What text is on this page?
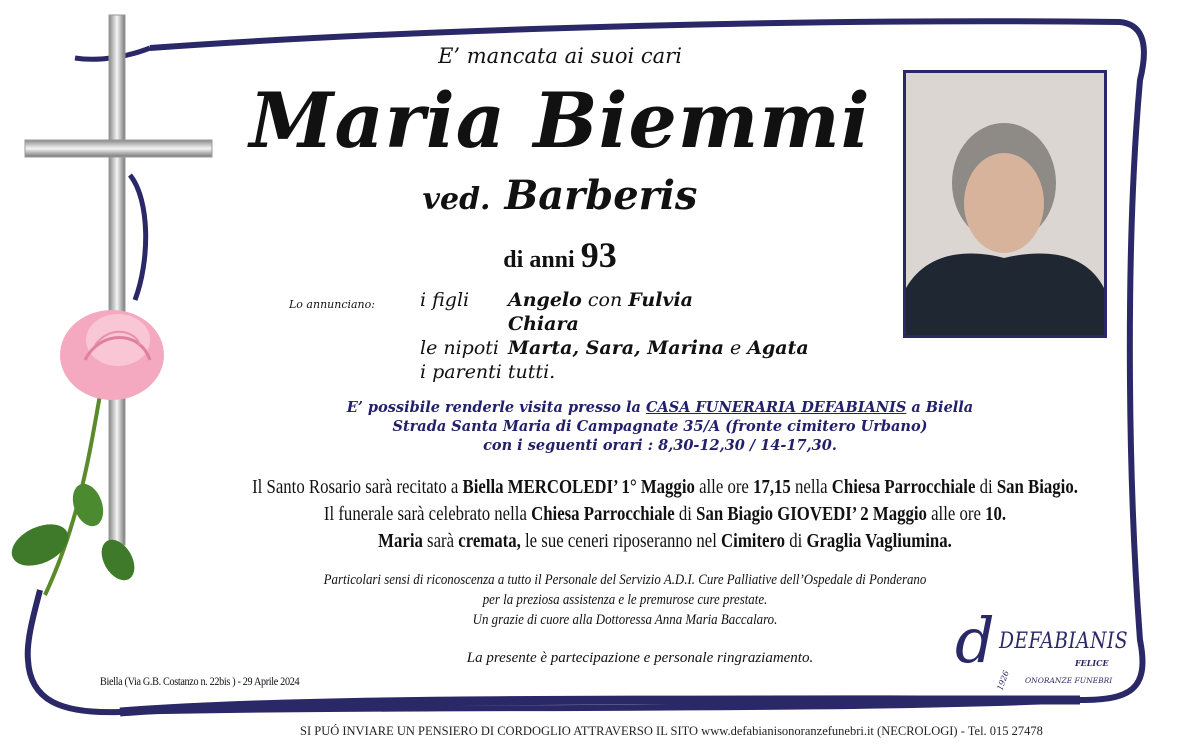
E’ mancata ai suoi cari
Maria Biemmi
ved. Barberis
di anni 93
Lo annunciano: i figli Angelo con Fulvia
Chiara
le nipoti Marta, Sara, Marina e Agata
i parenti tutti.
E’ possibile renderle visita presso la CASA FUNERARIA DEFABIANIS a Biella
Strada Santa Maria di Campagnate 35/A (fronte cimitero Urbano)
con i seguenti orari : 8,30-12,30 / 14-17,30.
Il Santo Rosario sarà recitato a Biella MERCOLEDI’ 1° Maggio alle ore 17,15 nella Chiesa Parrocchiale di San Biagio.
Il funerale sarà celebrato nella Chiesa Parrocchiale di San Biagio GIOVEDI’ 2 Maggio alle ore 10.
Maria sarà cremata, le sue ceneri riposeranno nel Cimitero di Graglia Vagliumina.
Particolari sensi di riconoscenza a tutto il Personale del Servizio A.D.I. Cure Palliative dell’Ospedale di Ponderano
per la preziosa assistenza e le premurose cure prestate.
Un grazie di cuore alla Dottoressa Anna Maria Baccalaro.
La presente è partecipazione e personale ringraziamento.
Biella (Via G.B. Costanzo n. 22bis ) - 29 Aprile 2024
d DEFABIANIS
FELICE
ONORANZE FUNEBRI
1926
SI PUÓ INVIARE UN PENSIERO DI CORDOGLIO ATTRAVERSO IL SITO www.defabianisonoranzefunebri.it (NECROLOGI) - Tel. 015 27478
